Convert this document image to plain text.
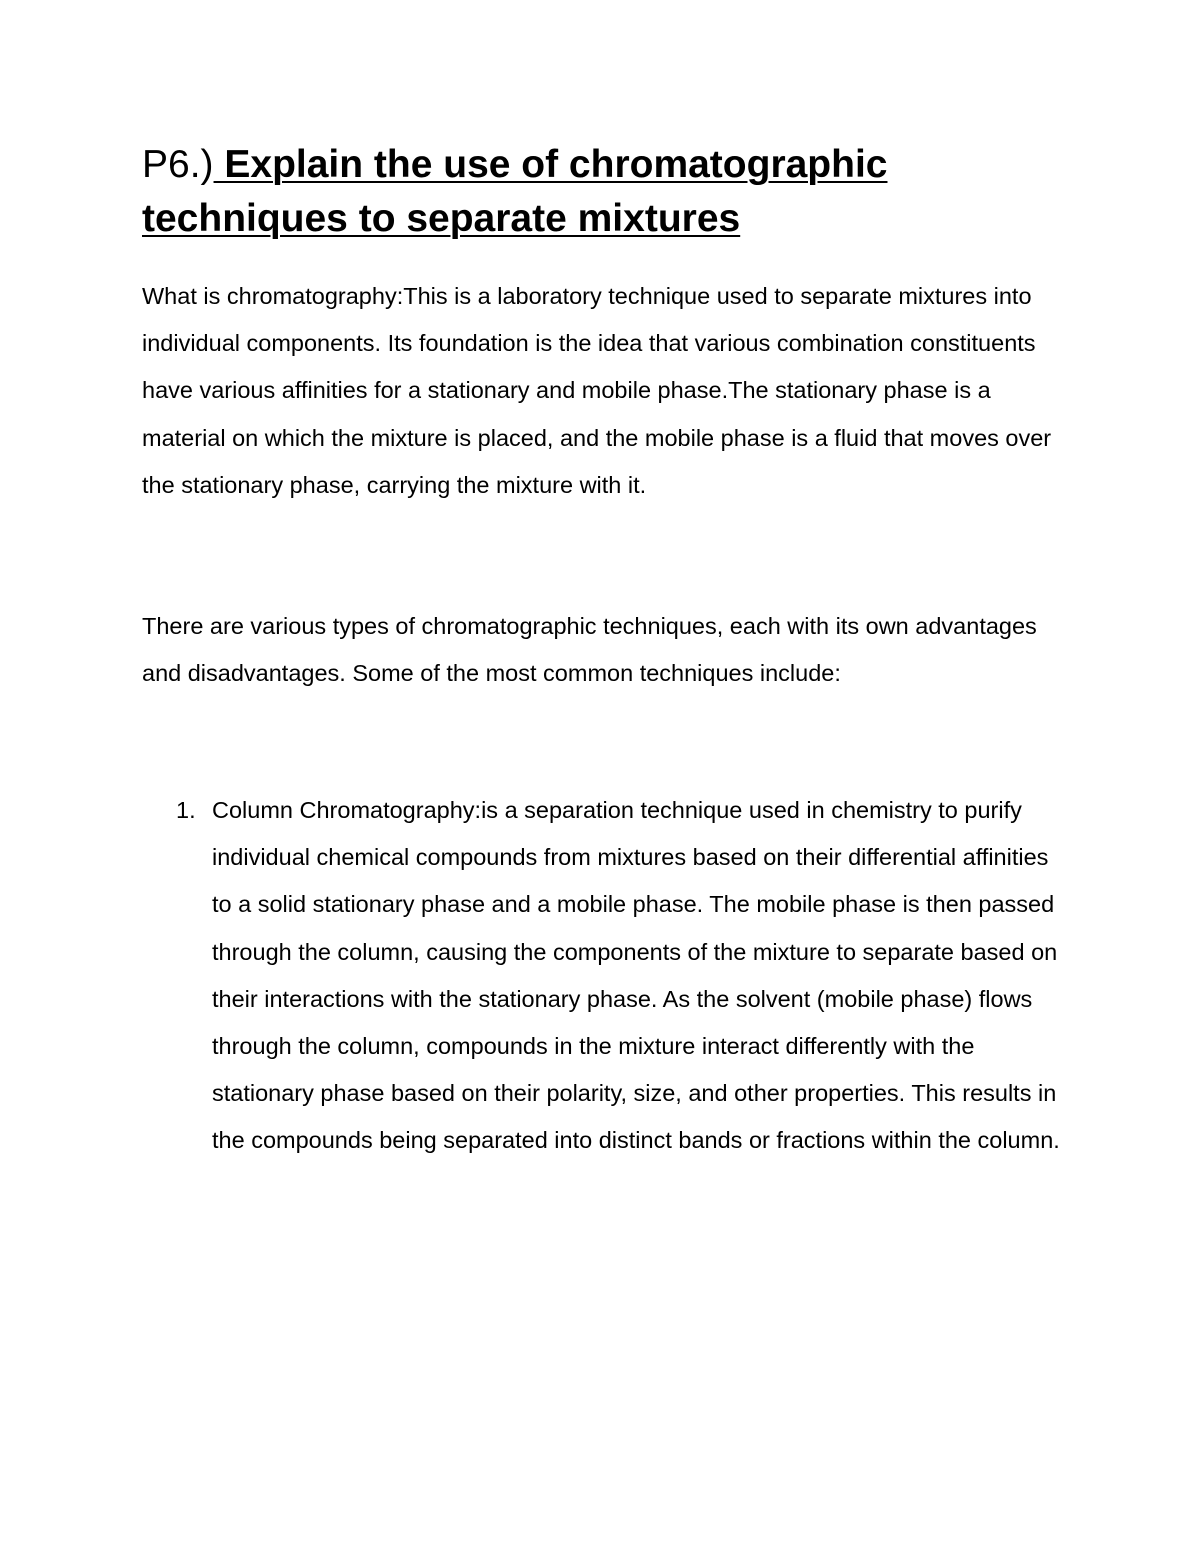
P6.) Explain the use of chromatographic techniques to separate mixtures

What is chromatography:This is a laboratory technique used to separate mixtures into individual components. Its foundation is the idea that various combination constituents have various affinities for a stationary and mobile phase.The stationary phase is a material on which the mixture is placed, and the mobile phase is a fluid that moves over the stationary phase, carrying the mixture with it.

There are various types of chromatographic techniques, each with its own advantages and disadvantages. Some of the most common techniques include:

1. Column Chromatography:is a separation technique used in chemistry to purify individual chemical compounds from mixtures based on their differential affinities to a solid stationary phase and a mobile phase. The mobile phase is then passed through the column, causing the components of the mixture to separate based on their interactions with the stationary phase. As the solvent (mobile phase) flows through the column, compounds in the mixture interact differently with the stationary phase based on their polarity, size, and other properties. This results in the compounds being separated into distinct bands or fractions within the column.
